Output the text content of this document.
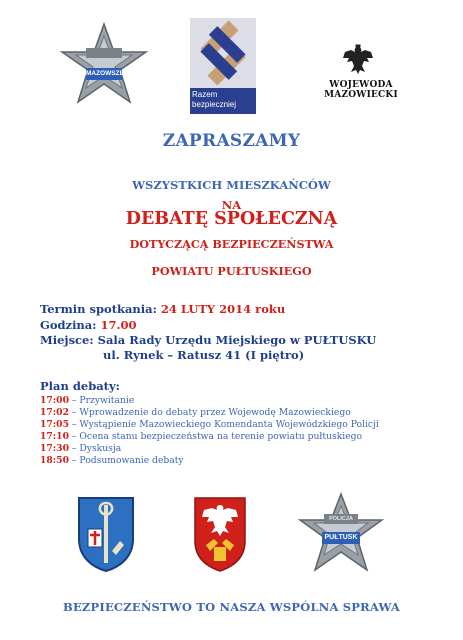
MAZOWSZE
Razem
bezpieczniej
WOJEWODA MAZOWIECKI
ZAPRASZAMY
WSZYSTKICH MIESZKAŃCÓW
NA
DEBATĘ SPOŁECZNĄ
DOTYCZĄCĄ BEZPIECZEŃSTWA
POWIATU PUŁTUSKIEGO
Termin spotkania: 24 LUTY 2014 roku
Godzina: 17.00
Miejsce: Sala Rady Urzędu Miejskiego w PUŁTUSKU
ul. Rynek – Ratusz 41 (I piętro)
Plan debaty:
17:00 – Przywitanie
17:02 – Wprowadzenie do debaty przez Wojewodę Mazowieckiego
17:05 – Wystąpienie Mazowieckiego Komendanta Wojewódzkiego Policji
17:10 – Ocena stanu bezpieczeństwa na terenie powiatu pułtuskiego
17:30 – Dyskusja
18:50 – Podsumowanie debaty
POLICJA
PUŁTUSK
BEZPIECZEŃSTWO TO NASZA WSPÓLNA SPRAWA
